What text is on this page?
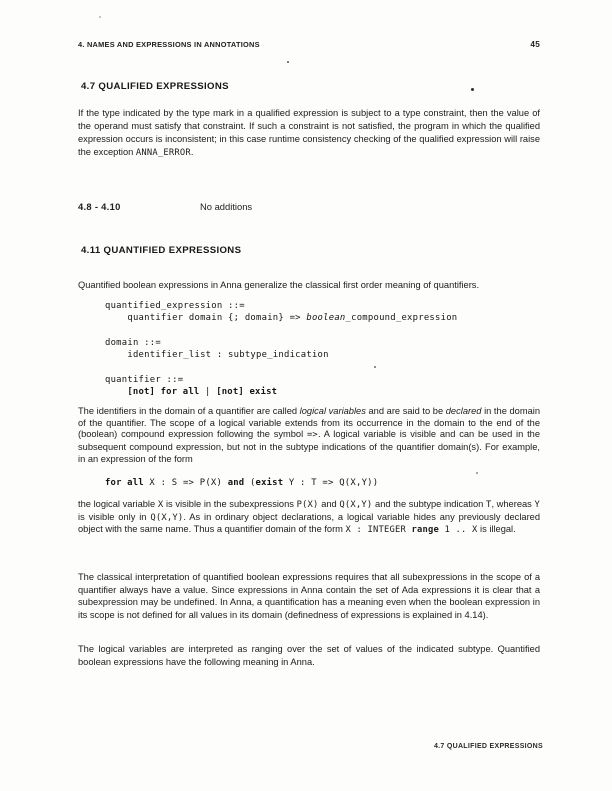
4. NAMES AND EXPRESSIONS IN ANNOTATIONS	45
4.7 QUALIFIED EXPRESSIONS
If the type indicated by the type mark in a qualified expression is subject to a type constraint, then the value of the operand must satisfy that constraint. If such a constraint is not satisfied, the program in which the qualified expression occurs is inconsistent; in this case runtime consistency checking of the qualified expression will raise the exception ANNA_ERROR.
4.8 - 4.10	No additions
4.11 QUANTIFIED EXPRESSIONS
Quantified boolean expressions in Anna generalize the classical first order meaning of quantifiers.
quantified_expression ::=
quantifier domain {; domain} => boolean_compound_expression

domain ::=
identifier_list : subtype_indication

quantifier ::=
[not] for all | [not] exist
The identifiers in the domain of a quantifier are called logical variables and are said to be declared in the domain of the quantifier. The scope of a logical variable extends from its occurrence in the domain to the end of the (boolean) compound expression following the symbol =>. A logical variable is visible and can be used in the subsequent compound expression, but not in the subtype indications of the quantifier domain(s). For example, in an expression of the form
for all X : S => P(X) and (exist Y : T => Q(X,Y))
the logical variable X is visible in the subexpressions P(X) and Q(X,Y) and the subtype indication T, whereas Y is visible only in Q(X,Y). As in ordinary object declarations, a logical variable hides any previously declared object with the same name. Thus a quantifier domain of the form X : INTEGER range 1 .. X is illegal.
The classical interpretation of quantified boolean expressions requires that all subexpressions in the scope of a quantifier always have a value. Since expressions in Anna contain the set of Ada expressions it is clear that a subexpression may be undefined. In Anna, a quantification has a meaning even when the boolean expression in its scope is not defined for all values in its domain (definedness of expressions is explained in 4.14).
The logical variables are interpreted as ranging over the set of values of the indicated subtype. Quantified boolean expressions have the following meaning in Anna.
4.7 QUALIFIED EXPRESSIONS
